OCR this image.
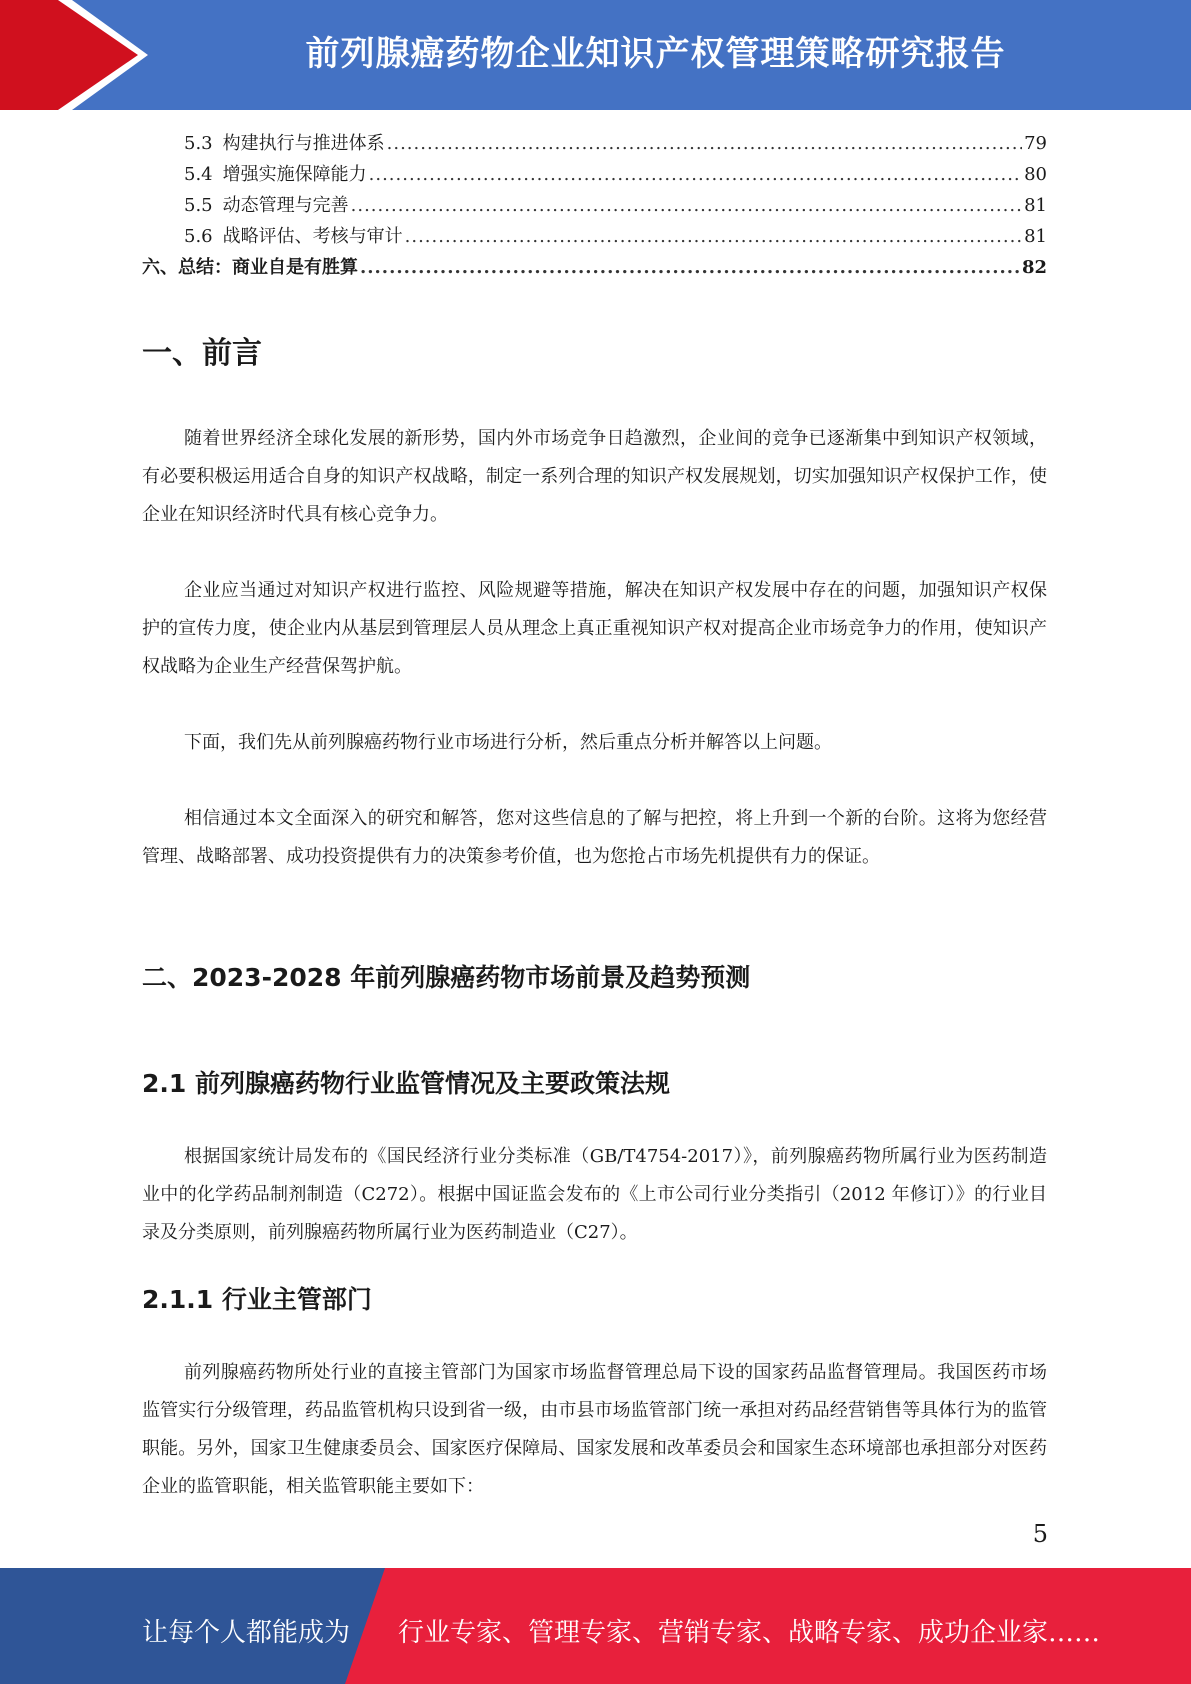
前列腺癌药物企业知识产权管理策略研究报告
5.3 构建执行与推进体系 .....	79
5.4 增强实施保障能力 .....	80
5.5 动态管理与完善 .....	81
5.6 战略评估、考核与审计 .....	81
六、总结：商业自是有胜算 .....	82
一、前言

随着世界经济全球化发展的新形势，国内外市场竞争日趋激烈，企业间的竞争已逐渐集中到知识产权领域，有必要积极运用适合自身的知识产权战略，制定一系列合理的知识产权发展规划，切实加强知识产权保护工作，使企业在知识经济时代具有核心竞争力。

企业应当通过对知识产权进行监控、风险规避等措施，解决在知识产权发展中存在的问题，加强知识产权保护的宣传力度，使企业内从基层到管理层人员从理念上真正重视知识产权对提高企业市场竞争力的作用，使知识产权战略为企业生产经营保驾护航。

下面，我们先从前列腺癌药物行业市场进行分析，然后重点分析并解答以上问题。

相信通过本文全面深入的研究和解答，您对这些信息的了解与把控，将上升到一个新的台阶。这将为您经营管理、战略部署、成功投资提供有力的决策参考价值，也为您抢占市场先机提供有力的保证。

二、2023-2028 年前列腺癌药物市场前景及趋势预测
2.1 前列腺癌药物行业监管情况及主要政策法规

根据国家统计局发布的《国民经济行业分类标准（GB/T4754-2017）》，前列腺癌药物所属行业为医药制造业中的化学药品制剂制造（C272）。根据中国证监会发布的《上市公司行业分类指引（2012 年修订）》的行业目录及分类原则，前列腺癌药物所属行业为医药制造业（C27）。

2.1.1 行业主管部门

前列腺癌药物所处行业的直接主管部门为国家市场监督管理总局下设的国家药品监督管理局。我国医药市场监管实行分级管理，药品监管机构只设到省一级，由市县市场监管部门统一承担对药品经营销售等具体行为的监管职能。另外，国家卫生健康委员会、国家医疗保障局、国家发展和改革委员会和国家生态环境部也承担部分对医药企业的监管职能，相关监管职能主要如下：

5
让每个人都能成为 行业专家、管理专家、营销专家、战略专家、成功企业家……
